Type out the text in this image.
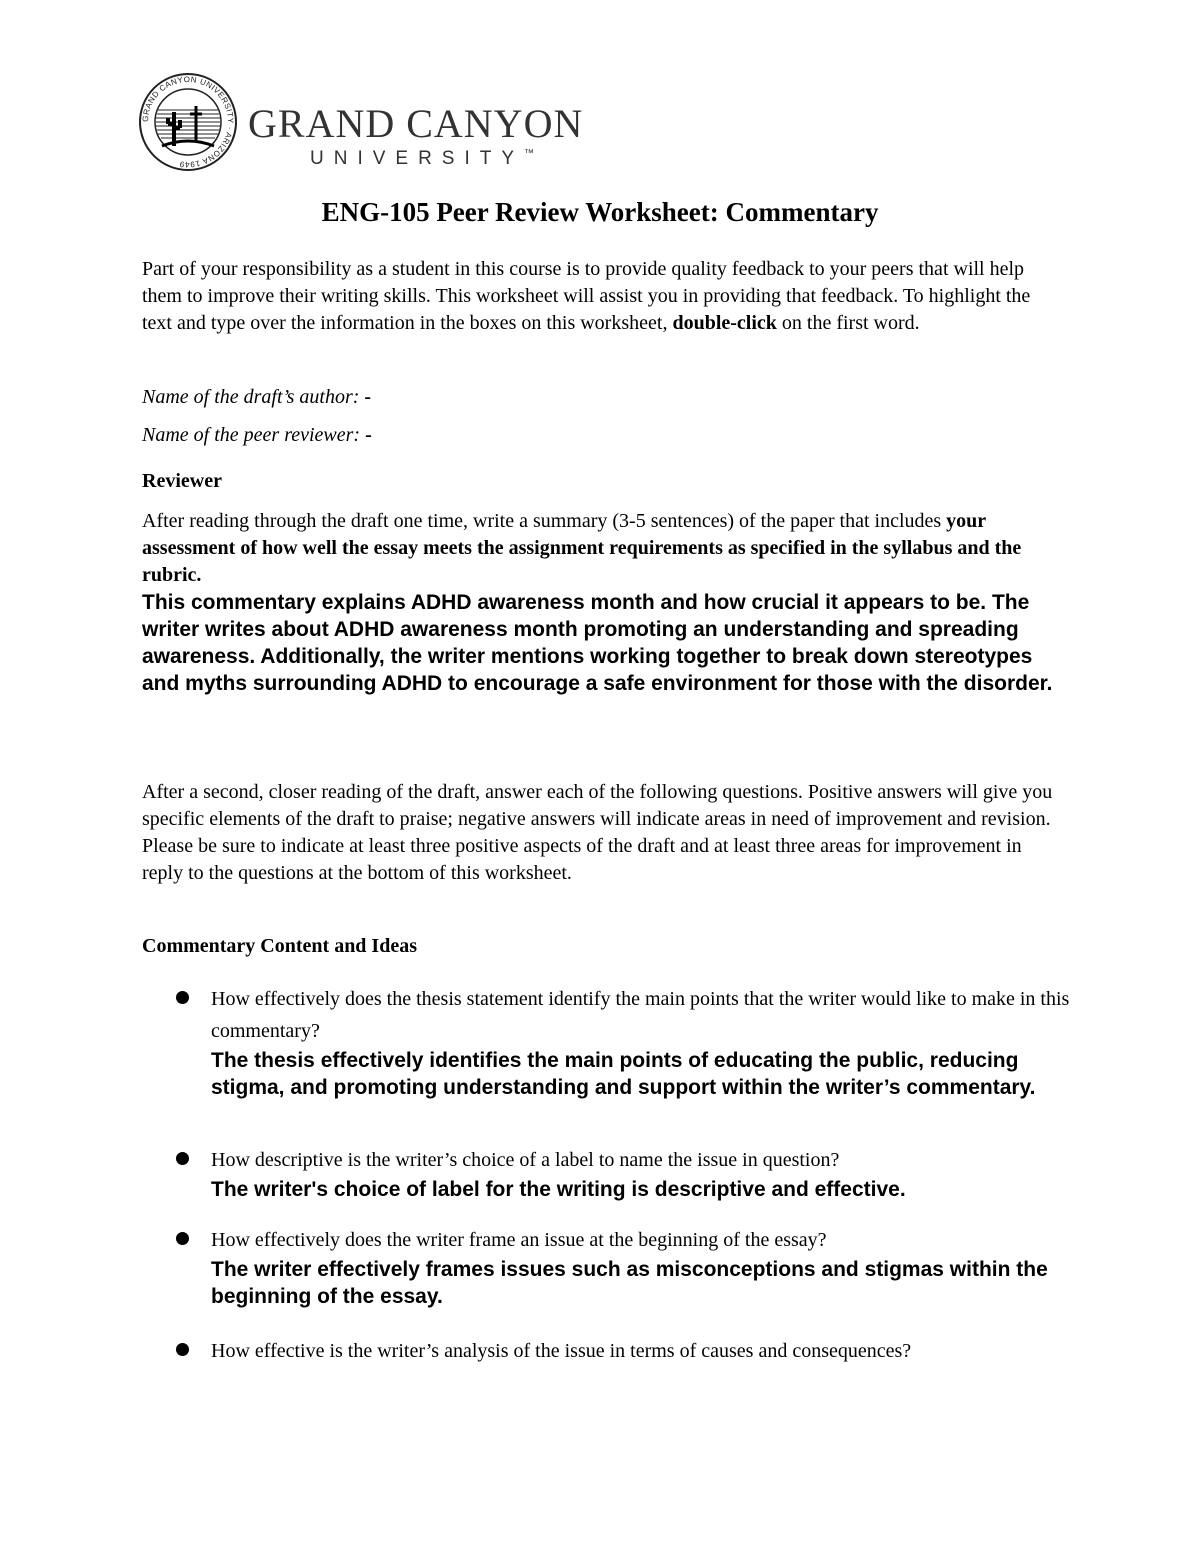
GRAND CANYON UNIVERSITY · ARIZONA 1949
GRAND CANYON
UNIVERSITY™
ENG-105 Peer Review Worksheet: Commentary
Part of your responsibility as a student in this course is to provide quality feedback to your peers that will help them to improve their writing skills. This worksheet will assist you in providing that feedback. To highlight the text and type over the information in the boxes on this worksheet, double-click on the first word.
Name of the draft’s author: -
Name of the peer reviewer: -
Reviewer
After reading through the draft one time, write a summary (3-5 sentences) of the paper that includes your assessment of how well the essay meets the assignment requirements as specified in the syllabus and the rubric.
This commentary explains ADHD awareness month and how crucial it appears to be. The writer writes about ADHD awareness month promoting an understanding and spreading awareness. Additionally, the writer mentions working together to break down stereotypes and myths surrounding ADHD to encourage a safe environment for those with the disorder.
After a second, closer reading of the draft, answer each of the following questions. Positive answers will give you specific elements of the draft to praise; negative answers will indicate areas in need of improvement and revision. Please be sure to indicate at least three positive aspects of the draft and at least three areas for improvement in reply to the questions at the bottom of this worksheet.
Commentary Content and Ideas
How effectively does the thesis statement identify the main points that the writer would like to make in this commentary?
The thesis effectively identifies the main points of educating the public, reducing stigma, and promoting understanding and support within the writer’s commentary.
How descriptive is the writer’s choice of a label to name the issue in question?
The writer's choice of label for the writing is descriptive and effective.
How effectively does the writer frame an issue at the beginning of the essay?
The writer effectively frames issues such as misconceptions and stigmas within the beginning of the essay.
How effective is the writer’s analysis of the issue in terms of causes and consequences?
